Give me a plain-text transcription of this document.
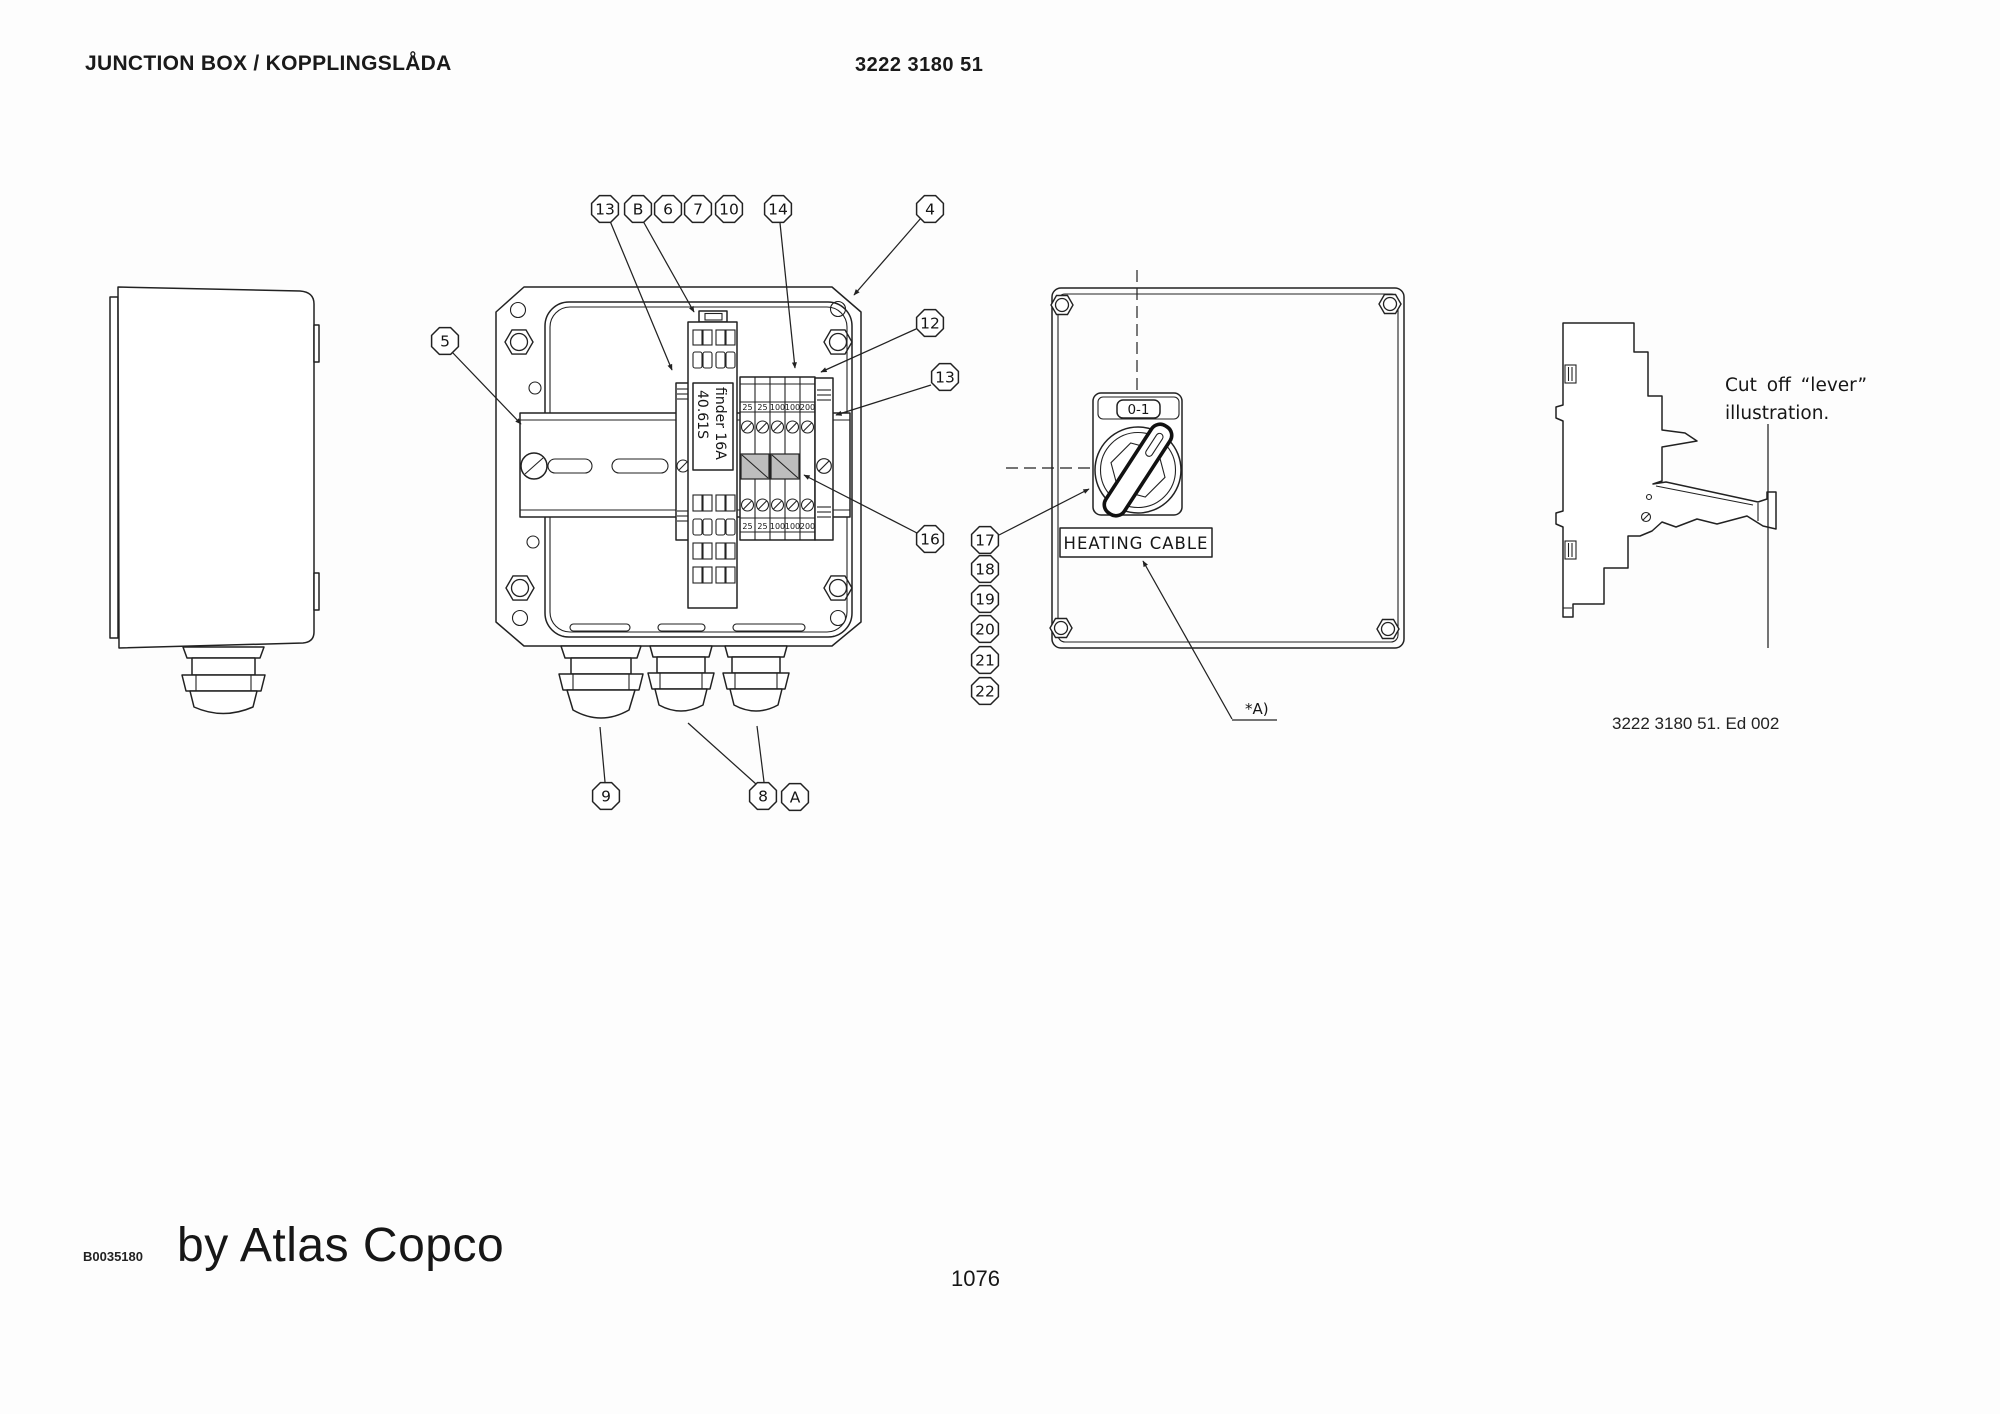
JUNCTION BOX / KOPPLINGSLÅDA	3222 3180 51
finder 16A
40.61S	25 25 100 100 200
25 25 100 100 200
0-1
HEATING CABLE
*A)
Cut off “lever”
illustration.
13 B 6 7 10 14	4
12
13
16
5
9	8 A
17
18
19
20
21
22
3222 3180 51. Ed 002
B0035180 by Atlas Copco
1076
